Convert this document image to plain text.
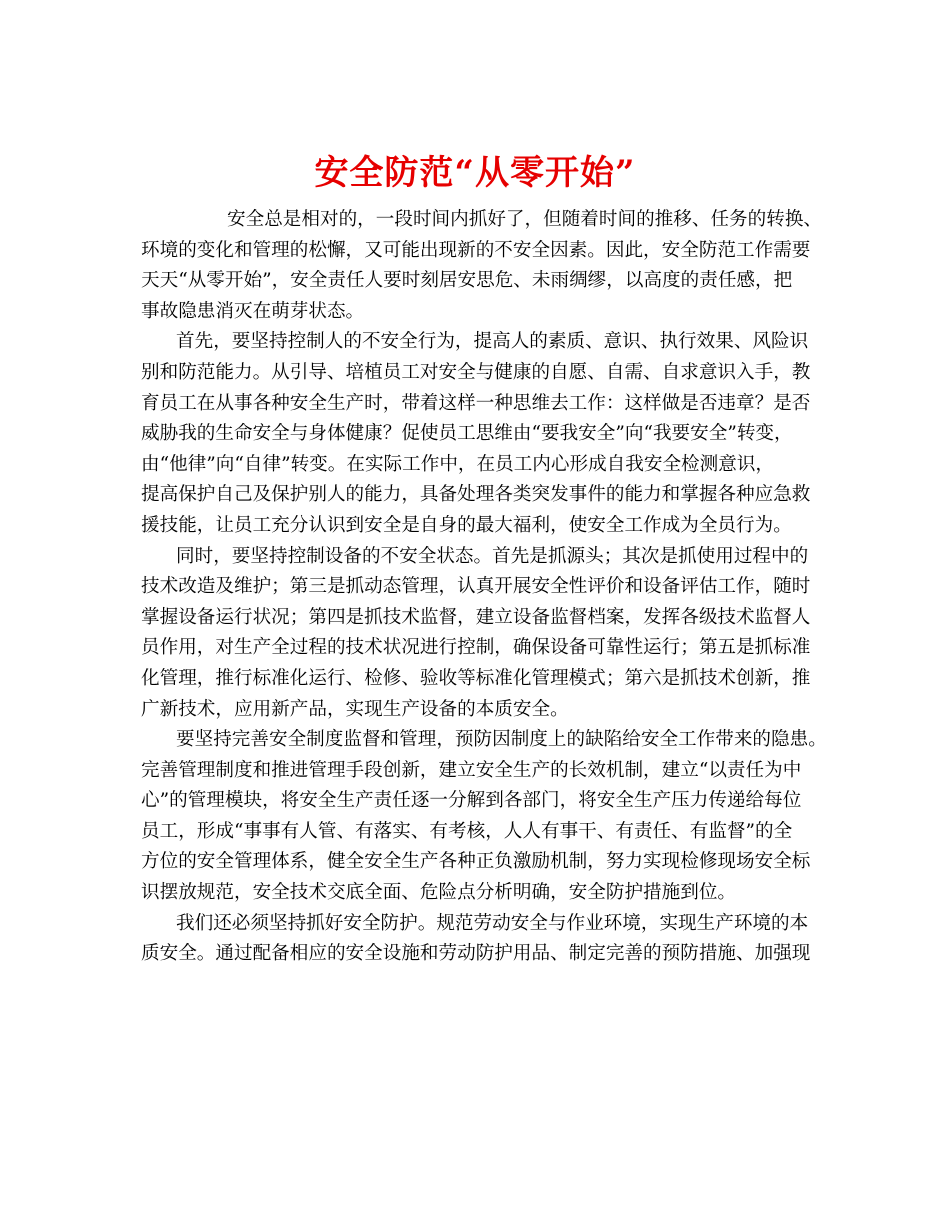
安全防范“从零开始”

安全总是相对的，一段时间内抓好了，但随着时间的推移、任务的转换、
环境的变化和管理的松懈，又可能出现新的不安全因素。因此，安全防范工作需要
天天“从零开始”，安全责任人要时刻居安思危、未雨绸缪，以高度的责任感，把
事故隐患消灭在萌芽状态。

首先，要坚持控制人的不安全行为，提高人的素质、意识、执行效果、风险识
别和防范能力。从引导、培植员工对安全与健康的自愿、自需、自求意识入手，教
育员工在从事各种安全生产时，带着这样一种思维去工作：这样做是否违章？是否
威胁我的生命安全与身体健康？促使员工思维由“要我安全”向“我要安全”转变，
由“他律”向“自律”转变。在实际工作中，在员工内心形成自我安全检测意识，
提高保护自己及保护别人的能力，具备处理各类突发事件的能力和掌握各种应急救
援技能，让员工充分认识到安全是自身的最大福利，使安全工作成为全员行为。

同时，要坚持控制设备的不安全状态。首先是抓源头；其次是抓使用过程中的
技术改造及维护；第三是抓动态管理，认真开展安全性评价和设备评估工作，随时
掌握设备运行状况；第四是抓技术监督，建立设备监督档案，发挥各级技术监督人
员作用，对生产全过程的技术状况进行控制，确保设备可靠性运行；第五是抓标准
化管理，推行标准化运行、检修、验收等标准化管理模式；第六是抓技术创新，推
广新技术，应用新产品，实现生产设备的本质安全。

要坚持完善安全制度监督和管理，预防因制度上的缺陷给安全工作带来的隐患。
完善管理制度和推进管理手段创新，建立安全生产的长效机制，建立“以责任为中
心”的管理模块，将安全生产责任逐一分解到各部门，将安全生产压力传递给每位
员工，形成“事事有人管、有落实、有考核，人人有事干、有责任、有监督”的全
方位的安全管理体系，健全安全生产各种正负激励机制，努力实现检修现场安全标
识摆放规范，安全技术交底全面、危险点分析明确，安全防护措施到位。

我们还必须坚持抓好安全防护。规范劳动安全与作业环境，实现生产环境的本
质安全。通过配备相应的安全设施和劳动防护用品、制定完善的预防措施、加强现
